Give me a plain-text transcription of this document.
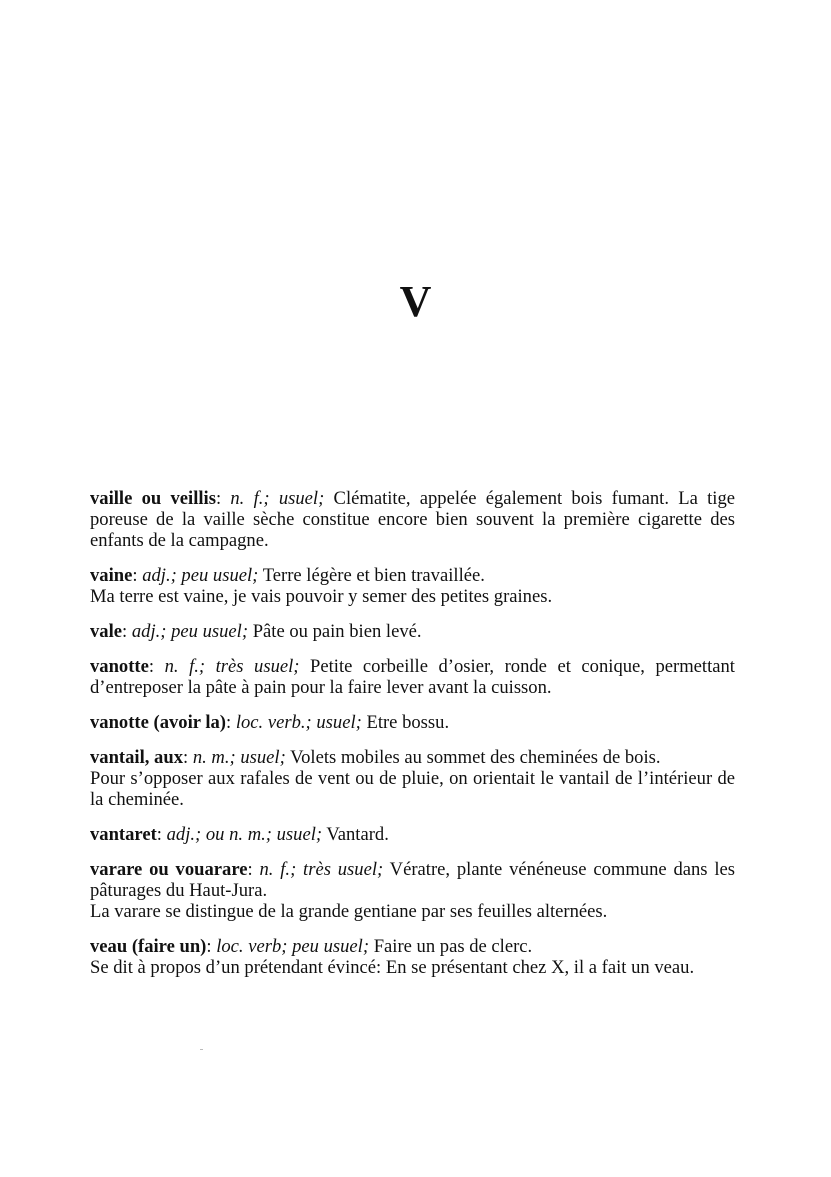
V

vaille ou veillis: n. f.; usuel; Clématite, appelée également bois fumant. La tige poreuse de la vaille sèche constitue encore bien souvent la première cigarette des enfants de la campagne.

vaine: adj.; peu usuel; Terre légère et bien travaillée.

Ma terre est vaine, je vais pouvoir y semer des petites graines.

vale: adj.; peu usuel; Pâte ou pain bien levé.

vanotte: n. f.; très usuel; Petite corbeille d’osier, ronde et conique, permettant d’entreposer la pâte à pain pour la faire lever avant la cuisson.

vanotte (avoir la): loc. verb.; usuel; Etre bossu.

vantail, aux: n. m.; usuel; Volets mobiles au sommet des cheminées de bois.

Pour s’opposer aux rafales de vent ou de pluie, on orientait le vantail de l’intérieur de la cheminée.

vantaret: adj.; ou n. m.; usuel; Vantard.

varare ou vouarare: n. f.; très usuel; Vératre, plante vénéneuse commune dans les pâturages du Haut-Jura.

La varare se distingue de la grande gentiane par ses feuilles alternées.

veau (faire un): loc. verb; peu usuel; Faire un pas de clerc.

Se dit à propos d’un prétendant évincé: En se présentant chez X, il a fait un veau.
